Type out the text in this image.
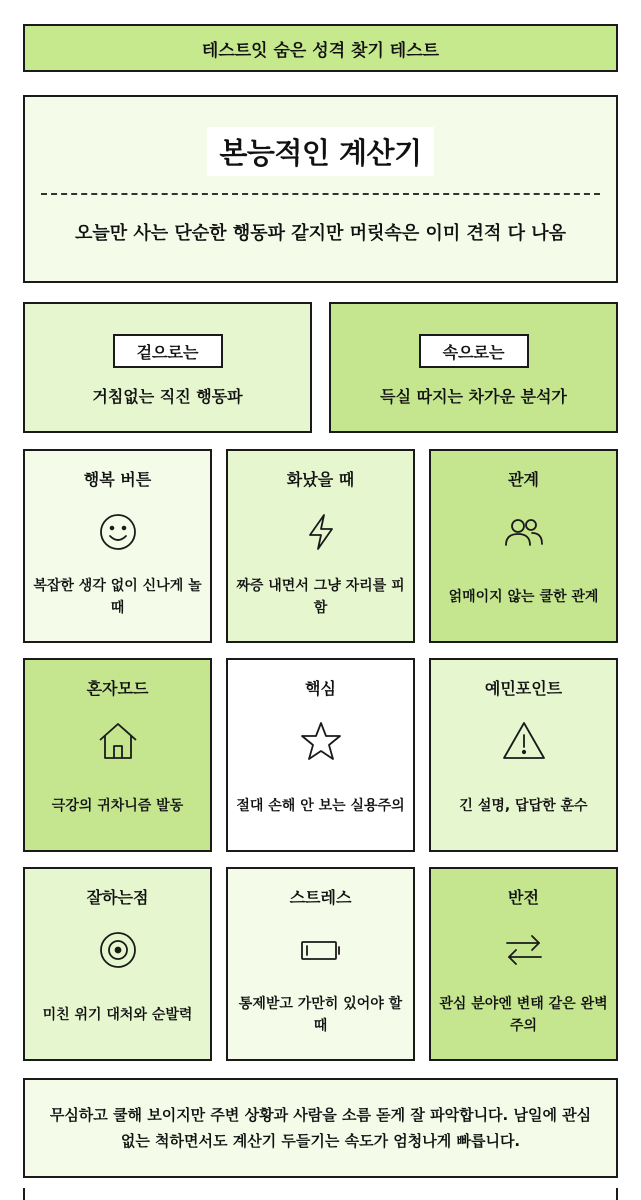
테스트잇 숨은 성격 찾기 테스트
본능적인 계산기
오늘만 사는 단순한 행동파 같지만 머릿속은 이미 견적 다 나옴
겉으로는
거침없는 직진 행동파
속으로는
득실 따지는 차가운 분석가
행복 버튼
복잡한 생각 없이 신나게 놀 때
화났을 때
짜증 내면서 그냥 자리를 피함
관계
얽매이지 않는 쿨한 관계
혼자모드
극강의 귀차니즘 발동
핵심
절대 손해 안 보는 실용주의
예민포인트
긴 설명, 답답한 훈수
잘하는점
미친 위기 대처와 순발력
스트레스
통제받고 가만히 있어야 할 때
반전
관심 분야엔 변태 같은 완벽주의
무심하고 쿨해 보이지만 주변 상황과 사람을 소름 돋게 잘 파악합니다. 남일에 관심 없는 척하면서도 계산기 두들기는 속도가 엄청나게 빠릅니다.
